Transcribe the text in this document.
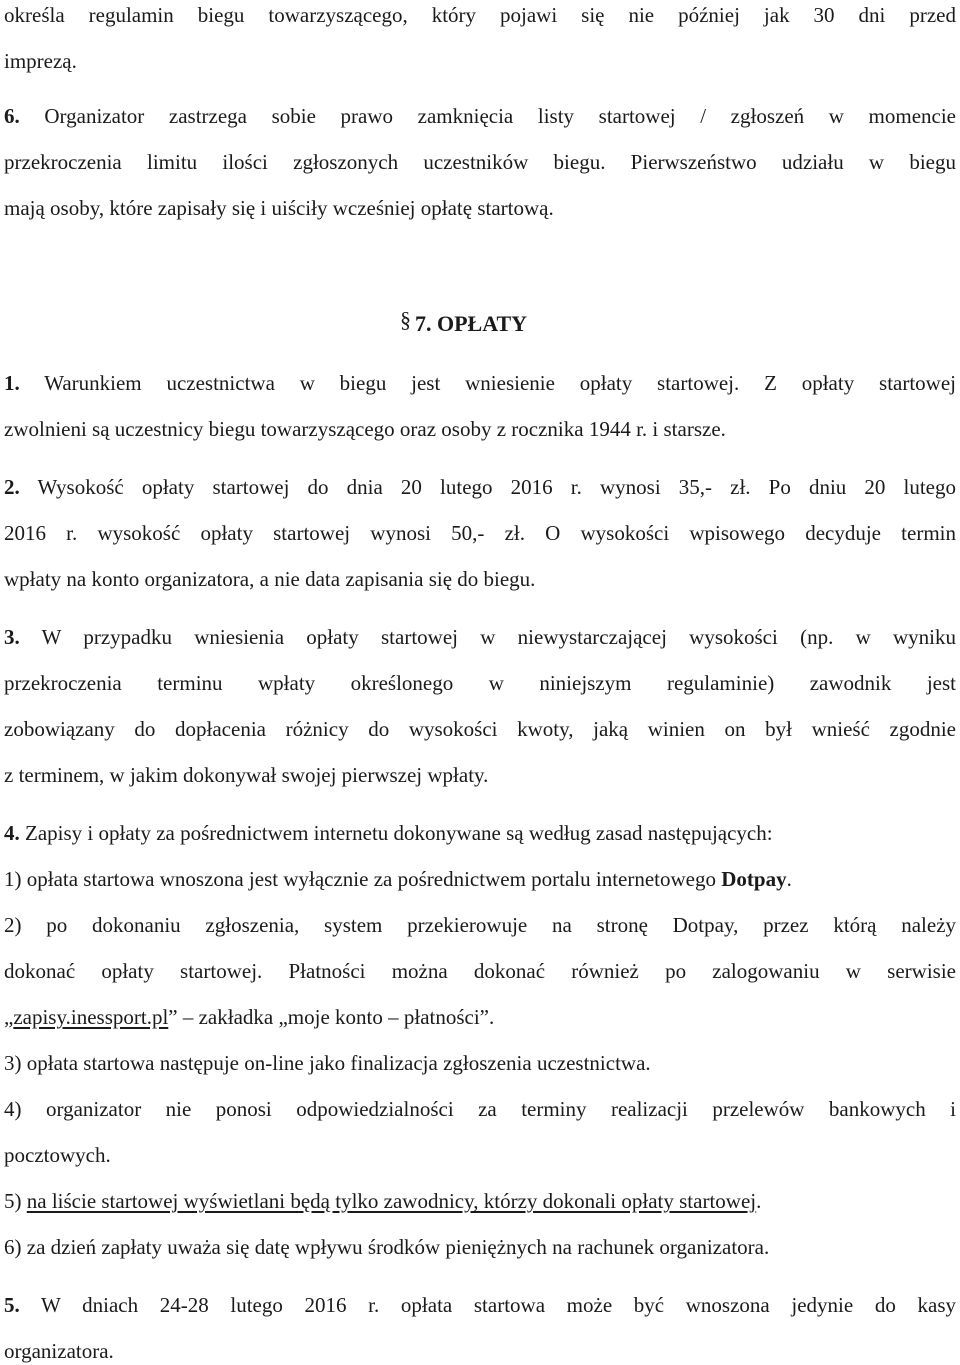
określa regulamin biegu towarzyszącego, który pojawi się nie później jak 30 dni przed
imprezą.
6. Organizator zastrzega sobie prawo zamknięcia listy startowej / zgłoszeń w momencie
przekroczenia limitu ilości zgłoszonych uczestników biegu. Pierwszeństwo udziału w biegu
mają osoby, które zapisały się i uiściły wcześniej opłatę startową.
§ 7. OPŁATY
1. Warunkiem uczestnictwa w biegu jest wniesienie opłaty startowej. Z opłaty startowej
zwolnieni są uczestnicy biegu towarzyszącego oraz osoby z rocznika 1944 r. i starsze.
2. Wysokość opłaty startowej do dnia 20 lutego 2016 r. wynosi 35,- zł. Po dniu 20 lutego
2016 r. wysokość opłaty startowej wynosi 50,- zł. O wysokości wpisowego decyduje termin
wpłaty na konto organizatora, a nie data zapisania się do biegu.
3. W przypadku wniesienia opłaty startowej w niewystarczającej wysokości (np. w wyniku
przekroczenia terminu wpłaty określonego w niniejszym regulaminie) zawodnik jest
zobowiązany do dopłacenia różnicy do wysokości kwoty, jaką winien on był wnieść zgodnie
z terminem, w jakim dokonywał swojej pierwszej wpłaty.
4. Zapisy i opłaty za pośrednictwem internetu dokonywane są według zasad następujących:
1) opłata startowa wnoszona jest wyłącznie za pośrednictwem portalu internetowego Dotpay.
2) po dokonaniu zgłoszenia, system przekierowuje na stronę Dotpay, przez którą należy
dokonać opłaty startowej. Płatności można dokonać również po zalogowaniu w serwisie
„zapisy.inessport.pl” – zakładka „moje konto – płatności”.
3) opłata startowa następuje on-line jako finalizacja zgłoszenia uczestnictwa.
4) organizator nie ponosi odpowiedzialności za terminy realizacji przelewów bankowych i
pocztowych.
5) na liście startowej wyświetlani będą tylko zawodnicy, którzy dokonali opłaty startowej.
6) za dzień zapłaty uważa się datę wpływu środków pieniężnych na rachunek organizatora.
5. W dniach 24-28 lutego 2016 r. opłata startowa może być wnoszona jedynie do kasy
organizatora.
